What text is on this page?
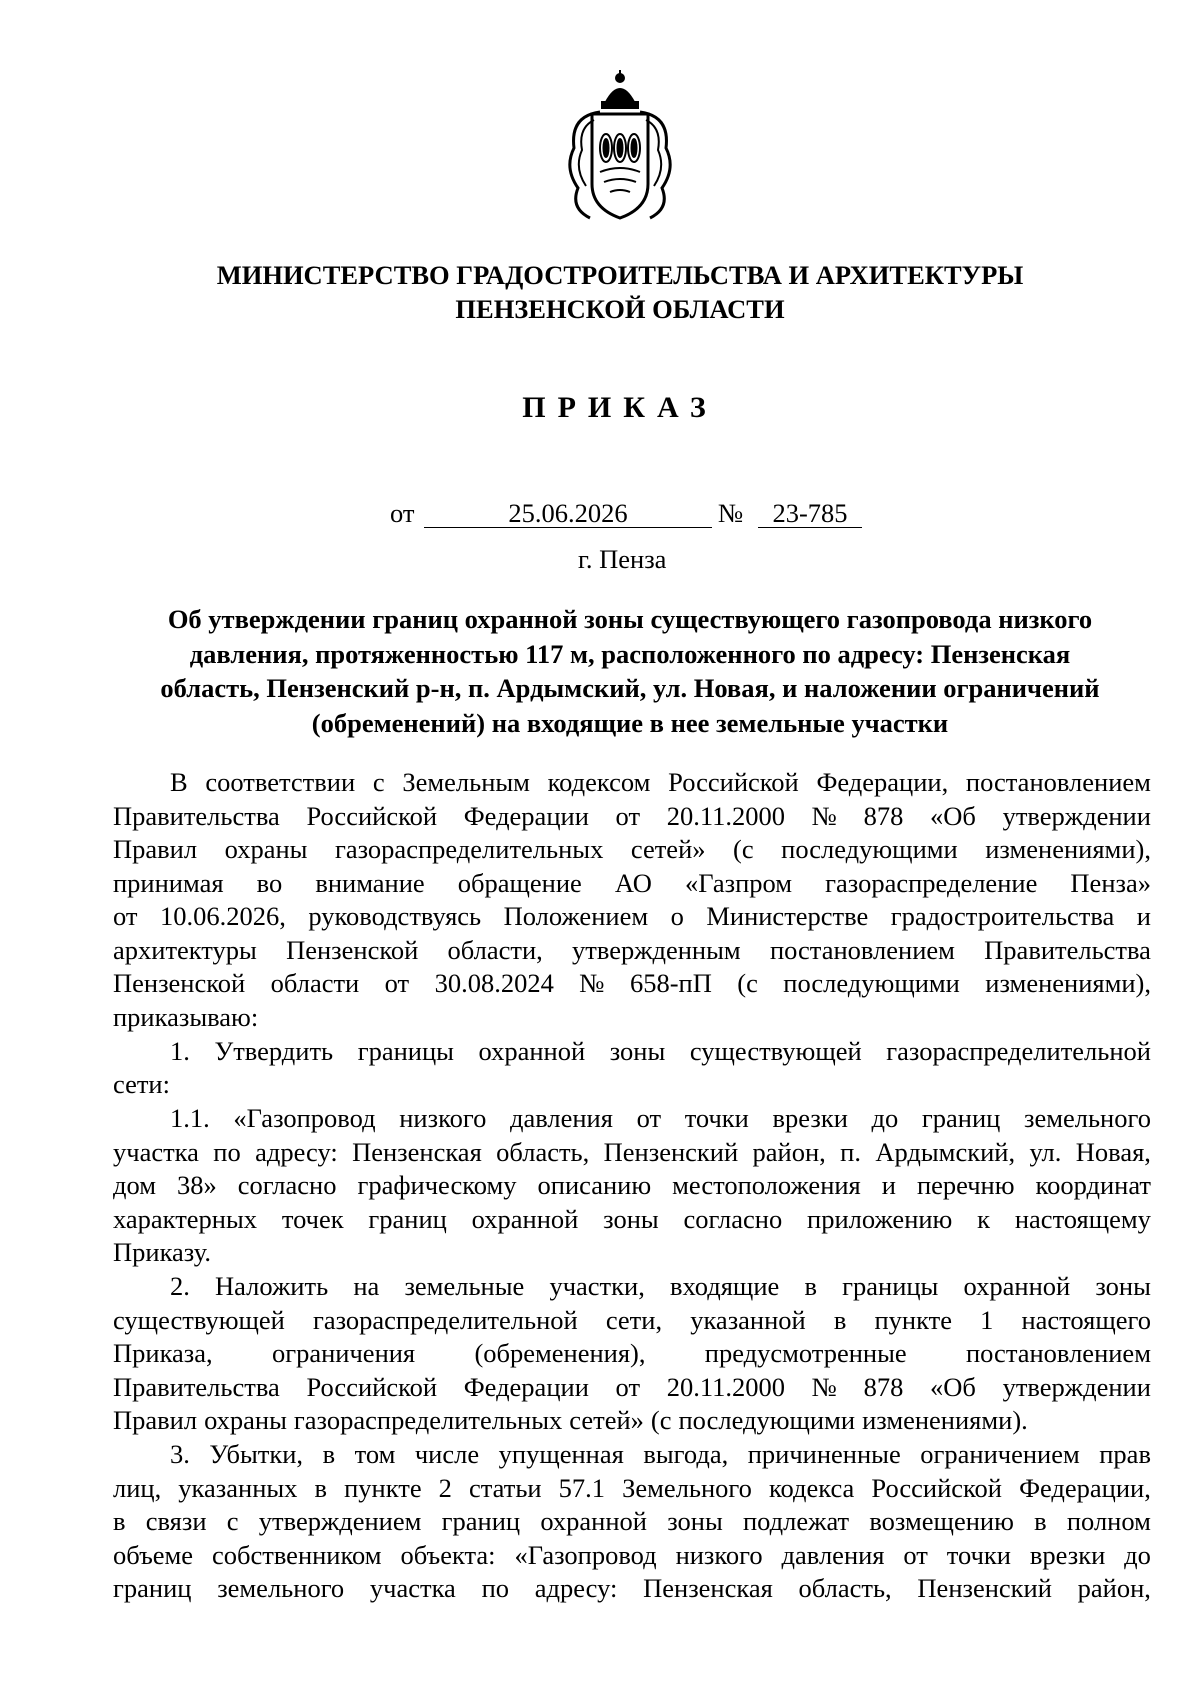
МИНИСТЕРСТВО ГРАДОСТРОИТЕЛЬСТВА И АРХИТЕКТУРЫ
ПЕНЗЕНСКОЙ ОБЛАСТИ
ПРИКАЗ
от	25.06.2026	№	23-785
г. Пенза
Об утверждении границ охранной зоны существующего газопровода низкого
давления, протяженностью 117 м, расположенного по адресу: Пензенская
область, Пензенский р-н, п. Ардымский, ул. Новая, и наложении ограничений
(обременений) на входящие в нее земельные участки
В соответствии с Земельным кодексом Российской Федерации, постановлением
Правительства Российской Федерации от 20.11.2000 № 878 «Об утверждении
Правил охраны газораспределительных сетей» (с последующими изменениями),
принимая во внимание обращение АО «Газпром газораспределение Пенза»
от 10.06.2026, руководствуясь Положением о Министерстве градостроительства и
архитектуры Пензенской области, утвержденным постановлением Правительства
Пензенской области от 30.08.2024 № 658-пП (с последующими изменениями),
приказываю:
1. Утвердить границы охранной зоны существующей газораспределительной
сети:
1.1. «Газопровод низкого давления от точки врезки до границ земельного
участка по адресу: Пензенская область, Пензенский район, п. Ардымский, ул. Новая,
дом 38» согласно графическому описанию местоположения и перечню координат
характерных точек границ охранной зоны согласно приложению к настоящему
Приказу.
2. Наложить на земельные участки, входящие в границы охранной зоны
существующей газораспределительной сети, указанной в пункте 1 настоящего
Приказа, ограничения (обременения), предусмотренные постановлением
Правительства Российской Федерации от 20.11.2000 № 878 «Об утверждении
Правил охраны газораспределительных сетей» (с последующими изменениями).
3. Убытки, в том числе упущенная выгода, причиненные ограничением прав
лиц, указанных в пункте 2 статьи 57.1 Земельного кодекса Российской Федерации,
в связи с утверждением границ охранной зоны подлежат возмещению в полном
объеме собственником объекта: «Газопровод низкого давления от точки врезки до
границ земельного участка по адресу: Пензенская область, Пензенский район,
